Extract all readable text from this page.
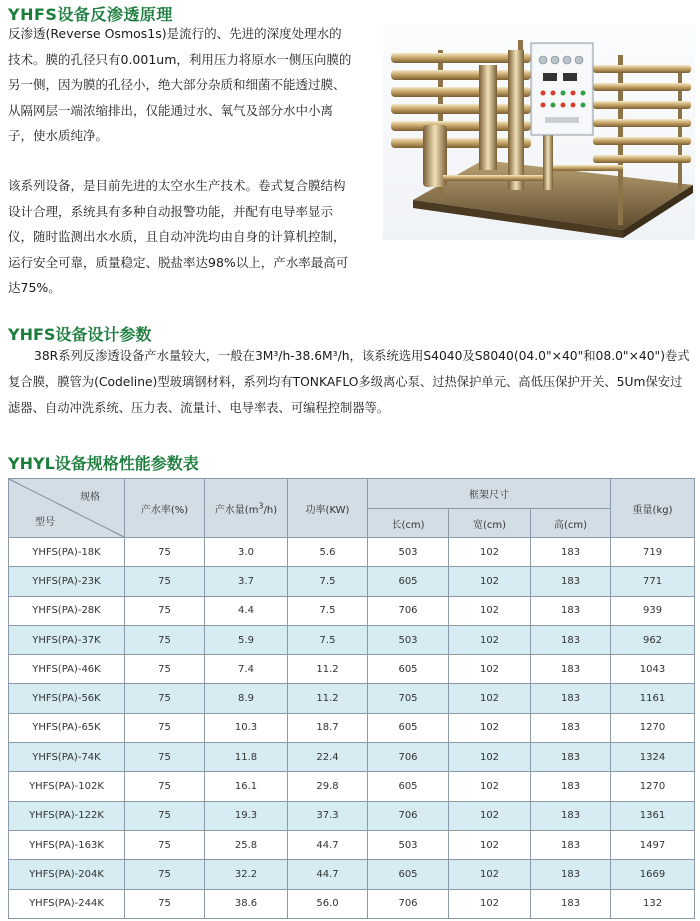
YHFS设备反渗透原理
反渗透(Reverse Osmos1s)是流行的、先进的深度处理水的技术。膜的孔径只有0.001um，利用压力将原水一侧压向膜的另一侧，因为膜的孔径小，绝大部分杂质和细菌不能透过膜、从隔网层一端浓缩排出，仅能通过水、氧气及部分水中小离子，使水质纯净。
该系列设备，是目前先进的太空水生产技术。卷式复合膜结构设计合理，系统具有多种自动报警功能，并配有电导率显示仪，随时监测出水水质，且自动冲洗均由自身的计算机控制，运行安全可靠，质量稳定、脱盐率达98%以上，产水率最高可达75%。
YHFS设备设计参数
38R系列反渗透设备产水量较大，一般在3M³/h-38.6M³/h，该系统选用S4040及S8040(04.0"×40"和08.0"×40")卷式复合膜，膜管为(Codeline)型玻璃钢材料，系列均有TONKAFLO多级离心泵、过热保护单元、高低压保护开关、5Um保安过滤器、自动冲洗系统、压力表、流量计、电导率表、可编程控制器等。
YHYL设备规格性能参数表
规格
型号	产水率(%)	产水量$(m^3/h)$	功率(KW)	框架尺寸			重量(kg)
				长(cm)	宽(cm)	高(cm)	
YHFS(PA)-18K	75	3.0	5.6	503	102	183	719
YHFS(PA)-23K	75	3.7	7.5	605	102	183	771
YHFS(PA)-28K	75	4.4	7.5	706	102	183	939
YHFS(PA)-37K	75	5.9	7.5	503	102	183	962
YHFS(PA)-46K	75	7.4	11.2	605	102	183	1043
YHFS(PA)-56K	75	8.9	11.2	705	102	183	1161
YHFS(PA)-65K	75	10.3	18.7	605	102	183	1270
YHFS(PA)-74K	75	11.8	22.4	706	102	183	1324
YHFS(PA)-102K	75	16.1	29.8	605	102	183	1270
YHFS(PA)-122K	75	19.3	37.3	706	102	183	1361
YHFS(PA)-163K	75	25.8	44.7	503	102	183	1497
YHFS(PA)-204K	75	32.2	44.7	605	102	183	1669
YHFS(PA)-244K	75	38.6	56.0	706	102	183	132
